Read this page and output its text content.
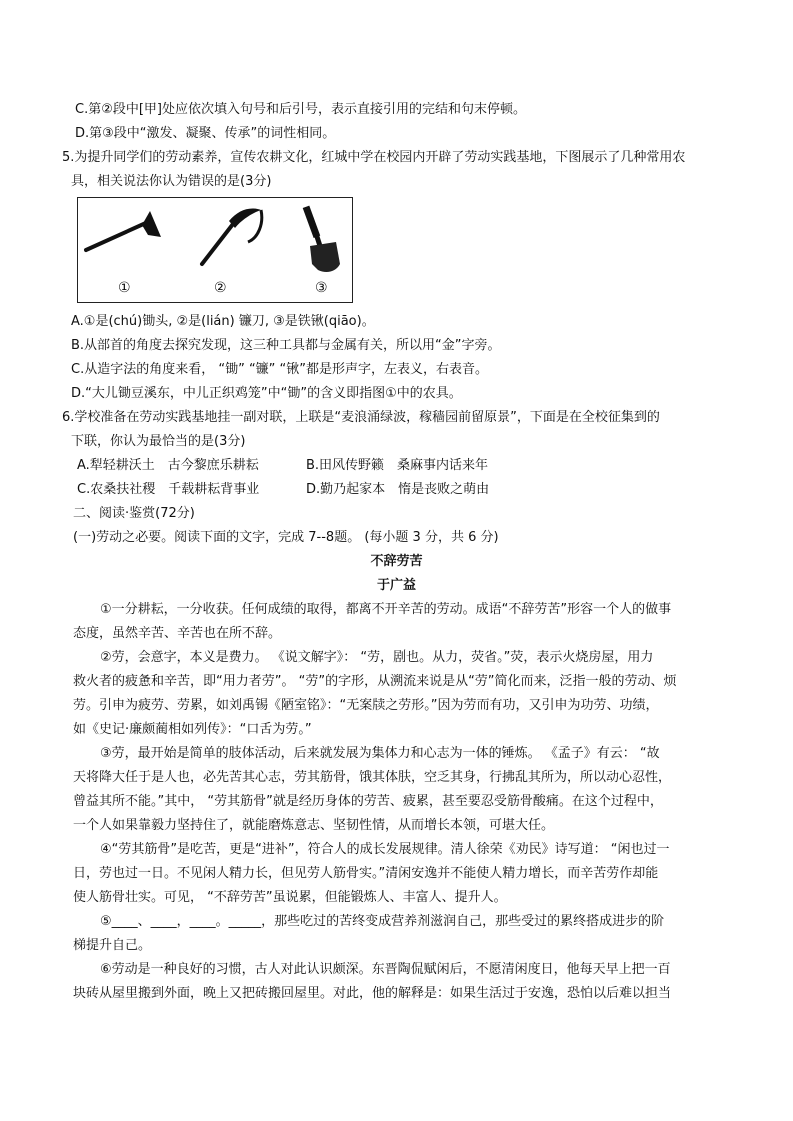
C.第②段中[甲]处应依次填入句号和后引号，表示直接引用的完结和句末停顿。
D.第③段中“激发、凝聚、传承”的词性相同。
5.为提升同学们的劳动素养，宣传农耕文化，红城中学在校园内开辟了劳动实践基地，下图展示了几种常用农
具，相关说法你认为错误的是(3分)
①	②	③
A.①是(chú)锄头, ②是(lián) 镰刀, ③是铁锹(qiāo)。
B.从部首的角度去探究发现，这三种工具都与金属有关，所以用“金”字旁。
C.从造字法的角度来看， “锄” “镰” “锹”都是形声字，左表义，右表音。
D.“大儿锄豆溪东，中儿正织鸡笼”中“锄”的含义即指图①中的农具。
6.学校准备在劳动实践基地挂一副对联，上联是“麦浪涌绿波，稼穑园前留原景”，下面是在全校征集到的
下联，你认为最恰当的是(3分)
A.犁轻耕沃土　古今黎庶乐耕耘	B.田风传野籁　桑麻事内话来年
C.农桑扶社稷　千载耕耘背事业	D.勤乃起家本　惰是丧败之萌由
二、阅读·鉴赏(72分)
(一)劳动之必要。阅读下面的文字，完成 7--8题。 (每小题 3 分，共 6 分)
不辞劳苦
于广益
①一分耕耘，一分收获。任何成绩的取得，都离不开辛苦的劳动。成语“不辞劳苦”形容一个人的做事
态度，虽然辛苦、辛苦也在所不辞。
②劳，会意字，本义是费力。 《说文解字》： “劳，剧也。从力，荧省。”荧，表示火烧房屋，用力
救火者的疲惫和辛苦，即“用力者劳”。 “劳”的字形，从溯流来说是从“劳”简化而来，泛指一般的劳动、烦
劳。引申为疲劳、劳累，如刘禹锡《陋室铭》：“无案牍之劳形。”因为劳而有功，又引申为功劳、功绩，
如《史记·廉颇蔺相如列传》：“口舌为劳。”
③劳，最开始是简单的肢体活动，后来就发展为集体力和心志为一体的锤炼。 《孟子》有云： “故
天将降大任于是人也，必先苦其心志，劳其筋骨，饿其体肤，空乏其身，行拂乱其所为，所以动心忍性，
曾益其所不能。”其中， “劳其筋骨”就是经历身体的劳苦、疲累，甚至要忍受筋骨酸痛。在这个过程中，
一个人如果靠毅力坚持住了，就能磨炼意志、坚韧性情，从而增长本领，可堪大任。
④“劳其筋骨”是吃苦，更是“进补”，符合人的成长发展规律。清人徐荣《劝民》诗写道： “闲也过一
日，劳也过一日。不见闲人精力长，但见劳人筋骨实。”清闲安逸并不能使人精力增长，而辛苦劳作却能
使人筋骨壮实。可见， “不辞劳苦”虽说累，但能锻炼人、丰富人、提升人。
⑤____、____，____。_____，那些吃过的苦终变成营养剂滋润自己，那些受过的累终搭成进步的阶
梯提升自己。
⑥劳动是一种良好的习惯，古人对此认识颇深。东晋陶侃赋闲后，不愿清闲度日，他每天早上把一百
块砖从屋里搬到外面，晚上又把砖搬回屋里。对此，他的解释是：如果生活过于安逸，恐怕以后难以担当
